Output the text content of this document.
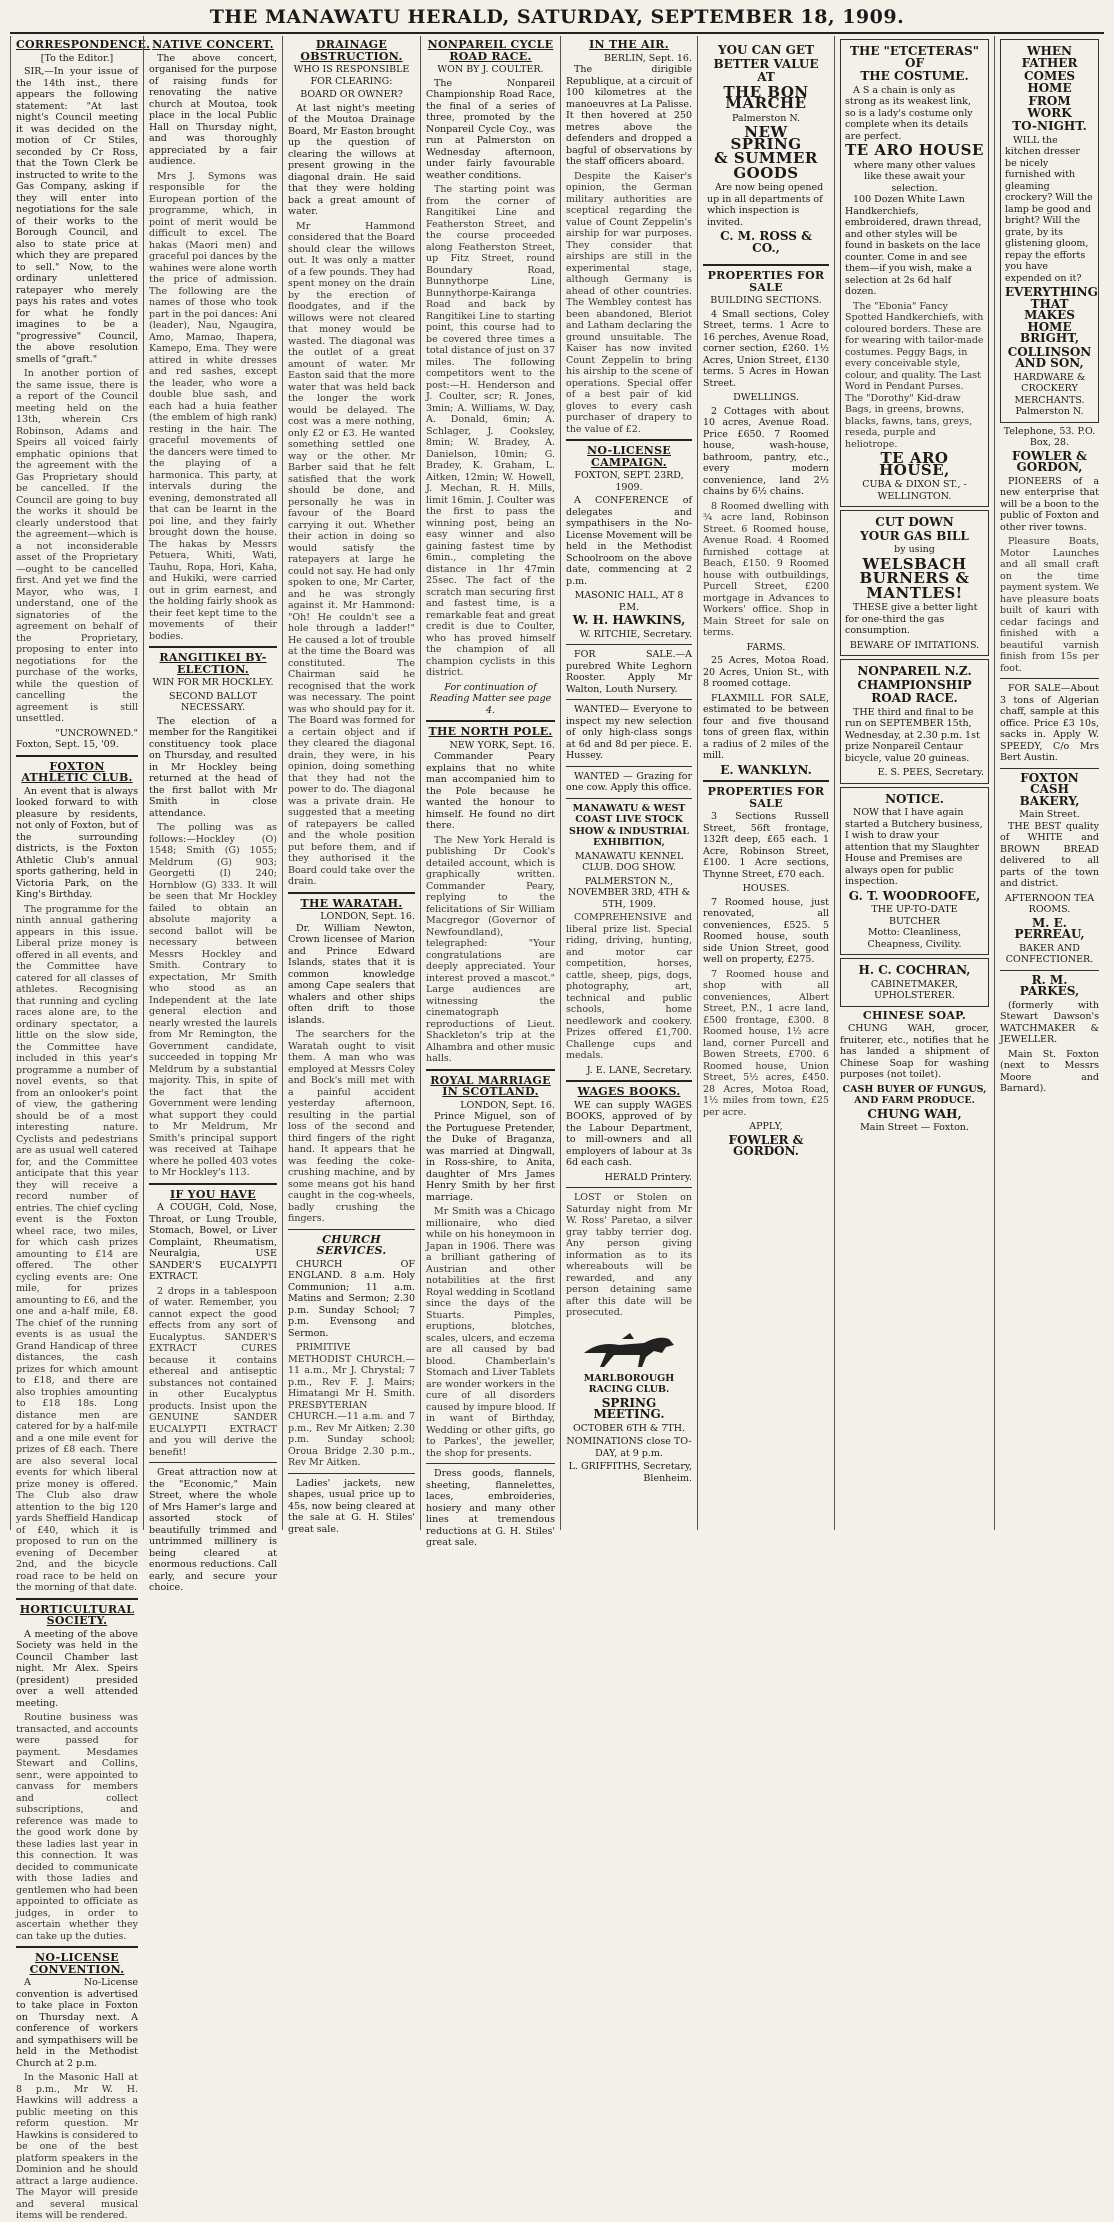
THE MANAWATU HERALD, SATURDAY, SEPTEMBER 18, 1909.
CORRESPONDENCE.
[To the Editor.]

SIR,—In your issue of the 14th inst., there appears the following statement: "At last night's Council meeting it was decided on the motion of Cr Stiles, seconded by Cr Ross, that the Town Clerk be instructed to write to the Gas Company, asking if they will enter into negotiations for the sale of their works to the Borough Council, and also to state price at which they are prepared to sell." Now, to the ordinary unlettered ratepayer who merely pays his rates and votes for what he fondly imagines to be a "progressive" Council, the above resolution smells of "graft."

In another portion of the same issue, there is a report of the Council meeting held on the 13th, wherein Crs Robinson, Adams and Speirs all voiced fairly emphatic opinions that the agreement with the Gas Proprietary should be cancelled. If the Council are going to buy the works it should be clearly understood that the agreement—which is a not inconsiderable asset of the Proprietary—ought to be cancelled first. And yet we find the Mayor, who was, I understand, one of the signatories of the agreement on behalf of the Proprietary, proposing to enter into negotiations for the purchase of the works, while the question of cancelling the agreement is still unsettled.

"UNCROWNED."
Foxton, Sept. 15, '09.
FOXTON ATHLETIC CLUB.

An event that is always looked forward to with pleasure by residents, not only of Foxton, but of the surrounding districts, is the Foxton Athletic Club's annual sports gathering, held in Victoria Park, on the King's Birthday.

The programme for the ninth annual gathering appears in this issue. Liberal prize money is offered in all events, and the Committee have catered for all classes of athletes. Recognising that running and cycling races alone are, to the ordinary spectator, a little on the slow side, the Committee have included in this year's programme a number of novel events, so that from an onlooker's point of view, the gathering should be of a most interesting nature. Cyclists and pedestrians are as usual well catered for, and the Committee anticipate that this year they will receive a record number of entries. The chief cycling event is the Foxton wheel race, two miles, for which cash prizes amounting to £14 are offered. The other cycling events are: One mile, for prizes amounting to £6, and the one and a-half mile, £8. The chief of the running events is as usual the Grand Handicap of three distances, the cash prizes for which amount to £18, and there are also trophies amounting to £18 18s. Long distance men are catered for by a half-mile and a one mile event for prizes of £8 each. There are also several local events for which liberal prize money is offered. The Club also draw attention to the big 120 yards Sheffield Handicap of £40, which it is proposed to run on the evening of December 2nd, and the bicycle road race to be held on the morning of that date.

HORTICULTURAL SOCIETY.

A meeting of the above Society was held in the Council Chamber last night. Mr Alex. Speirs (president) presided over a well attended meeting.

Routine business was transacted, and accounts were passed for payment. Mesdames Stewart and Collins, senr., were appointed to canvass for members and collect subscriptions, and reference was made to the good work done by these ladies last year in this connection. It was decided to communicate with those ladies and gentlemen who had been appointed to officiate as judges, in order to ascertain whether they can take up the duties.

NO-LICENSE CONVENTION.

A No-License convention is advertised to take place in Foxton on Thursday next. A conference of workers and sympathisers will be held in the Methodist Church at 2 p.m.

In the Masonic Hall at 8 p.m., Mr W. H. Hawkins will address a public meeting on this reform question. Mr Hawkins is considered to be one of the best platform speakers in the Dominion and he should attract a large audience. The Mayor will preside and several musical items will be rendered.

NATIVE CONCERT.

The above concert, organised for the purpose of raising funds for renovating the native church at Moutoa, took place in the local Public Hall on Thursday night, and was thoroughly appreciated by a fair audience.

Mrs J. Symons was responsible for the European portion of the programme, which, in point of merit would be difficult to excel. The hakas (Maori men) and graceful poi dances by the wahines were alone worth the price of admission. The following are the names of those who took part in the poi dances: Ani (leader), Nau, Ngaugira, Amo, Mamao, Ihapera, Kamepo, Ema. They were attired in white dresses and red sashes, except the leader, who wore a double blue sash, and each had a huia feather (the emblem of high rank) resting in the hair. The graceful movements of the dancers were timed to the playing of a harmonica. This party, at intervals during the evening, demonstrated all that can be learnt in the poi line, and they fairly brought down the house. The hakas by Messrs Petuera, Whiti, Wati, Tauhu, Ropa, Hori, Kaha, and Hukiki, were carried out in grim earnest, and the holding fairly shook as their feet kept time to the movements of their bodies.

RANGITIKEI BY-ELECTION.
WIN FOR MR HOCKLEY.
SECOND BALLOT NECESSARY.

The election of a member for the Rangitikei constituency took place on Thursday, and resulted in Mr Hockley being returned at the head of the first ballot with Mr Smith in close attendance.

The polling was as follows:—Hockley (O) 1548; Smith (G) 1055; Meldrum (G) 903; Georgetti (I) 240; Hornblow (G) 333. It will be seen that Mr Hockley failed to obtain an absolute majority a second ballot will be necessary between Messrs Hockley and Smith. Contrary to expectation, Mr Smith who stood as an Independent at the late general election and nearly wrested the laurels from Mr Remington, the Government candidate, succeeded in topping Mr Meldrum by a substantial majority. This, in spite of the fact that the Government were lending what support they could to Mr Meldrum, Mr Smith's principal support was received at Taihape where he polled 403 votes to Mr Hockley's 113.

IF YOU HAVE

A COUGH, Cold, Nose, Throat, or Lung Trouble, Stomach, Bowel, or Liver Complaint, Rheumatism, Neuralgia, USE SANDER'S EUCALYPTI EXTRACT.

2 drops in a tablespoon of water. Remember, you cannot expect the good effects from any sort of Eucalyptus. SANDER'S EXTRACT CURES because it contains ethereal and antiseptic substances not contained in other Eucalyptus products. Insist upon the GENUINE SANDER EUCALYPTI EXTRACT and you will derive the benefit!

Great attraction now at the "Economic," Main Street, where the whole of Mrs Hamer's large and assorted stock of beautifully trimmed and untrimmed millinery is being cleared at enormous reductions. Call early, and secure your choice.

DRAINAGE OBSTRUCTION.
WHO IS RESPONSIBLE FOR CLEARING:
BOARD OR OWNER?

At last night's meeting of the Moutoa Drainage Board, Mr Easton brought up the question of clearing the willows at present growing in the diagonal drain. He said that they were holding back a great amount of water.

Mr Hammond considered that the Board should clear the willows out. It was only a matter of a few pounds. They had spent money on the drain by the erection of floodgates, and if the willows were not cleared that money would be wasted. The diagonal was the outlet of a great amount of water. Mr Easton said that the more water that was held back the longer the work would be delayed. The cost was a mere nothing, only £2 or £3. He wanted something settled one way or the other. Mr Barber said that he felt satisfied that the work should be done, and personally he was in favour of the Board carrying it out. Whether their action in doing so would satisfy the ratepayers at large he could not say. He had only spoken to one, Mr Carter, and he was strongly against it. Mr Hammond: "Oh! He couldn't see a hole through a ladder!" He caused a lot of trouble at the time the Board was constituted. The Chairman said he recognised that the work was necessary. The point was who should pay for it. The Board was formed for a certain object and if they cleared the diagonal drain, they were, in his opinion, doing something that they had not the power to do. The diagonal was a private drain. He suggested that a meeting of ratepayers be called and the whole position put before them, and if they authorised it the Board could take over the drain.

THE WARATAH.
LONDON, Sept. 16.

Dr. William Newton, Crown licensee of Marion and Prince Edward Islands, states that it is common knowledge among Cape sealers that whalers and other ships often drift to those islands.

The searchers for the Waratah ought to visit them. A man who was employed at Messrs Coley and Bock's mill met with a painful accident yesterday afternoon, resulting in the partial loss of the second and third fingers of the right hand. It appears that he was feeding the coke-crushing machine, and by some means got his hand caught in the cog-wheels, badly crushing the fingers.

CHURCH SERVICES.

CHURCH OF ENGLAND. 8 a.m. Holy Communion; 11 a.m. Matins and Sermon; 2.30 p.m. Sunday School; 7 p.m. Evensong and Sermon.

PRIMITIVE METHODIST CHURCH.—11 a.m., Mr J. Chrystal; 7 p.m., Rev F. J. Mairs; Himatangi Mr H. Smith. PRESBYTERIAN CHURCH.—11 a.m. and 7 p.m., Rev Mr Aitken; 2.30 p.m. Sunday school; Oroua Bridge 2.30 p.m., Rev Mr Aitken.

Ladies' jackets, new shapes, usual price up to 45s, now being cleared at the sale at G. H. Stiles' great sale.

NONPAREIL CYCLE ROAD RACE.
WON BY J. COULTER.

The Nonpareil Championship Road Race, the final of a series of three, promoted by the Nonpareil Cycle Coy., was run at Palmerston on Wednesday afternoon, under fairly favourable weather conditions.

The starting point was from the corner of Rangitikei Line and Featherston Street, and the course proceeded along Featherston Street, up Fitz Street, round Boundary Road, Bunnythorpe Line, Bunnythorpe-Kairanga Road and back by Rangitikei Line to starting point, this course had to be covered three times a total distance of just on 37 miles. The following competitors went to the post:—H. Henderson and J. Coulter, scr; R. Jones, 3min; A. Williams, W. Day, A. Donald, 6min; A. Schlager, J. Cooksley, 8min; W. Bradey, A. Danielson, 10min; G. Bradey, K. Graham, L. Aitken, 12min; W. Howell, J. Mechan, R. H. Mills, limit 16min. J. Coulter was the first to pass the winning post, being an easy winner and also gaining fastest time by 6min., completing the distance in 1hr 47min 25sec. The fact of the scratch man securing first and fastest time, is a remarkable feat and great credit is due to Coulter, who has proved himself the champion of all champion cyclists in this district.

For continuation of Reading Matter see page 4.
THE NORTH POLE.
NEW YORK, Sept. 16.

Commander Peary explains that no white man accompanied him to the Pole because he wanted the honour to himself. He found no dirt there.

The New York Herald is publishing Dr Cook's detailed account, which is graphically written. Commander Peary, replying to the felicitations of Sir William Macgregor (Governor of Newfoundland), telegraphed: "Your congratulations are deeply appreciated. Your interest proved a mascot." Large audiences are witnessing the cinematograph reproductions of Lieut. Shackleton's trip at the Alhambra and other music halls.

ROYAL MARRIAGE IN SCOTLAND.
LONDON, Sept. 16.

Prince Miguel, son of the Portuguese Pretender, the Duke of Braganza, was married at Dingwall, in Ross-shire, to Anita, daughter of Mrs James Henry Smith by her first marriage.

Mr Smith was a Chicago millionaire, who died while on his honeymoon in Japan in 1906. There was a brilliant gathering of Austrian and other notabilities at the first Royal wedding in Scotland since the days of the Stuarts. Pimples, eruptions, blotches, scales, ulcers, and eczema are all caused by bad blood. Chamberlain's Stomach and Liver Tablets are wonder workers in the cure of all disorders caused by impure blood. If in want of Birthday, Wedding or other gifts, go to Parkes', the jeweller, the shop for presents.

Dress goods, flannels, sheeting, flannelettes, laces, embroideries, hosiery and many other lines at tremendous reductions at G. H. Stiles' great sale.

IN THE AIR.
BERLIN, Sept. 16.

The dirigible Republique, at a circuit of 100 kilometres at the manoeuvres at La Palisse. It then hovered at 250 metres above the defenders and dropped a bagful of observations by the staff officers aboard.

Despite the Kaiser's opinion, the German military authorities are sceptical regarding the value of Count Zeppelin's airship for war purposes. They consider that airships are still in the experimental stage, although Germany is ahead of other countries. The Wembley contest has been abandoned, Bleriot and Latham declaring the ground unsuitable. The Kaiser has now invited Count Zeppelin to bring his airship to the scene of operations. Special offer of a best pair of kid gloves to every cash purchaser of drapery to the value of £2.

NO-LICENSE CAMPAIGN.
FOXTON, SEPT. 23RD, 1909.

A CONFERENCE of delegates and sympathisers in the No-License Movement will be held in the Methodist Schoolroom on the above date, commencing at 2 p.m.

MASONIC HALL, AT 8 P.M.
W. H. HAWKINS,
W. RITCHIE, Secretary.

FOR SALE.—A purebred White Leghorn Rooster. Apply Mr Walton, Louth Nursery.

WANTED— Everyone to inspect my new selection of only high-class songs at 6d and 8d per piece. E. Hussey.

WANTED — Grazing for one cow. Apply this office.

MANAWATU & WEST COAST LIVE STOCK SHOW & INDUSTRIAL EXHIBITION,
MANAWATU KENNEL CLUB. DOG SHOW.
PALMERSTON N., NOVEMBER 3RD, 4TH & 5TH, 1909.

COMPREHENSIVE and liberal prize list. Special riding, driving, hunting, and motor car competition, horses, cattle, sheep, pigs, dogs, photography, art, technical and public schools, home needlework and cookery. Prizes offered £1,700. Challenge cups and medals.

J. E. LANE, Secretary.
WAGES BOOKS.

WE can supply WAGES BOOKS, approved of by the Labour Department, to mill-owners and all employers of labour at 3s 6d each cash.

HERALD Printery.

LOST or Stolen on Saturday night from Mr W. Ross' Paretao, a silver gray tabby terrier dog. Any person giving information as to its whereabouts will be rewarded, and any person detaining same after this date will be prosecuted.

MARLBOROUGH RACING CLUB.
SPRING MEETING.
OCTOBER 6TH & 7TH.
NOMINATIONS close TO-DAY, at 9 p.m.
L. GRIFFITHS, Secretary, Blenheim.
YOU CAN GET
BETTER VALUE
AT
THE BON MARCHE
Palmerston N.
NEW SPRING
& SUMMER
GOODS

Are now being opened up in all departments of which inspection is invited.

C. M. ROSS & CO.,
PROPERTIES FOR SALE
BUILDING SECTIONS.

4 Small sections, Coley Street, terms. 1 Acre to 16 perches, Avenue Road, corner section, £260. 1½ Acres, Union Street, £130 terms. 5 Acres in Howan Street.

DWELLINGS.

2 Cottages with about 10 acres, Avenue Road. Price £650. 7 Roomed house, wash-house, bathroom, pantry, etc., every modern convenience, land 2½ chains by 6½ chains.

8 Roomed dwelling with ¾ acre land, Robinson Street. 6 Roomed house, Avenue Road. 4 Roomed furnished cottage at Beach, £150. 9 Roomed house with outbuildings, Purcell Street, £200 mortgage in Advances to Workers' office. Shop in Main Street for sale on terms.

FARMS.

25 Acres, Motoa Road. 20 Acres, Union St., with 8 roomed cottage.

FLAXMILL FOR SALE, estimated to be between four and five thousand tons of green flax, within a radius of 2 miles of the mill.

E. WANKLYN.
PROPERTIES FOR SALE

3 Sections Russell Street, 56ft frontage, 132ft deep, £65 each. 1 Acre, Robinson Street, £100. 1 Acre sections, Thynne Street, £70 each.

HOUSES.

7 Roomed house, just renovated, all conveniences, £525. 5 Roomed house, south side Union Street, good well on property, £275.

7 Roomed house and shop with all conveniences, Albert Street, P.N., 1 acre land, £500 frontage, £300. 8 Roomed house, 1½ acre land, corner Purcell and Bowen Streets, £700. 6 Roomed house, Union Street, 5½ acres, £450. 28 Acres, Motoa Road, 1½ miles from town, £25 per acre.

APPLY,
FOWLER & GORDON.
THE "ETCETERAS" OF
THE COSTUME.

A S a chain is only as strong as its weakest link, so is a lady's costume only complete when its details are perfect.

TE ARO HOUSE
where many other values like these await your selection.

100 Dozen White Lawn Handkerchiefs, embroidered, drawn thread, and other styles will be found in baskets on the lace counter. Come in and see them—if you wish, make a selection at 2s 6d half dozen.

The "Ebonia" Fancy Spotted Handkerchiefs, with coloured borders. These are for wearing with tailor-made costumes. Peggy Bags, in every conceivable style, colour, and quality. The Last Word in Pendant Purses. The "Dorothy" Kid-draw Bags, in greens, browns, blacks, fawns, tans, greys, reseda, purple and heliotrope.

TE ARO HOUSE,
CUBA & DIXON ST., - WELLINGTON.
CUT DOWN
YOUR GAS BILL
by using
WELSBACH
BURNERS &
MANTLES!

THESE give a better light for one-third the gas consumption.

BEWARE OF IMITATIONS.
NONPAREIL N.Z.
CHAMPIONSHIP
ROAD RACE.

THE third and final to be run on SEPTEMBER 15th, Wednesday, at 2.30 p.m. 1st prize Nonpareil Centaur bicycle, value 20 guineas.

E. S. PEES, Secretary.
NOTICE.

NOW that I have again started a Butchery business, I wish to draw your attention that my Slaughter House and Premises are always open for public inspection.

G. T. WOODROOFE,
THE UP-TO-DATE BUTCHER
Motto: Cleanliness, Cheapness, Civility.
H. C. COCHRAN,
CABINETMAKER, UPHOLSTERER.
CHINESE SOAP.

CHUNG WAH, grocer, fruiterer, etc., notifies that he has landed a shipment of Chinese Soap for washing purposes (not toilet).

CASH BUYER OF FUNGUS, AND FARM PRODUCE.
CHUNG WAH,
Main Street — Foxton.
WHEN FATHER
COMES HOME
FROM WORK
TO-NIGHT.

WILL the kitchen dresser be nicely furnished with gleaming crockery? Will the lamp be good and bright? Will the grate, by its glistening gloom, repay the efforts you have expended on it?

EVERYTHING THAT MAKES HOME BRIGHT,
COLLINSON AND SON,
HARDWARE & CROCKERY MERCHANTS.
Palmerston N.
Telephone, 53. P.O. Box, 28.
FOWLER & GORDON,

PIONEERS of a new enterprise that will be a boon to the public of Foxton and other river towns.

Pleasure Boats, Motor Launches and all small craft on the time payment system. We have pleasure boats built of kauri with cedar facings and finished with a beautiful varnish finish from 15s per foot.

FOR SALE—About 3 tons of Algerian chaff, sample at this office. Price £3 10s, sacks in. Apply W. SPEEDY, C/o Mrs Bert Austin.

FOXTON CASH BAKERY,
Main Street.

THE BEST quality of WHITE and BROWN BREAD delivered to all parts of the town and district.

AFTERNOON TEA ROOMS.
M. E. PERREAU,
BAKER AND CONFECTIONER.
R. M. PARKES,

(formerly with Stewart Dawson's WATCHMAKER & JEWELLER.

Main St. Foxton (next to Messrs Moore and Barnard).
